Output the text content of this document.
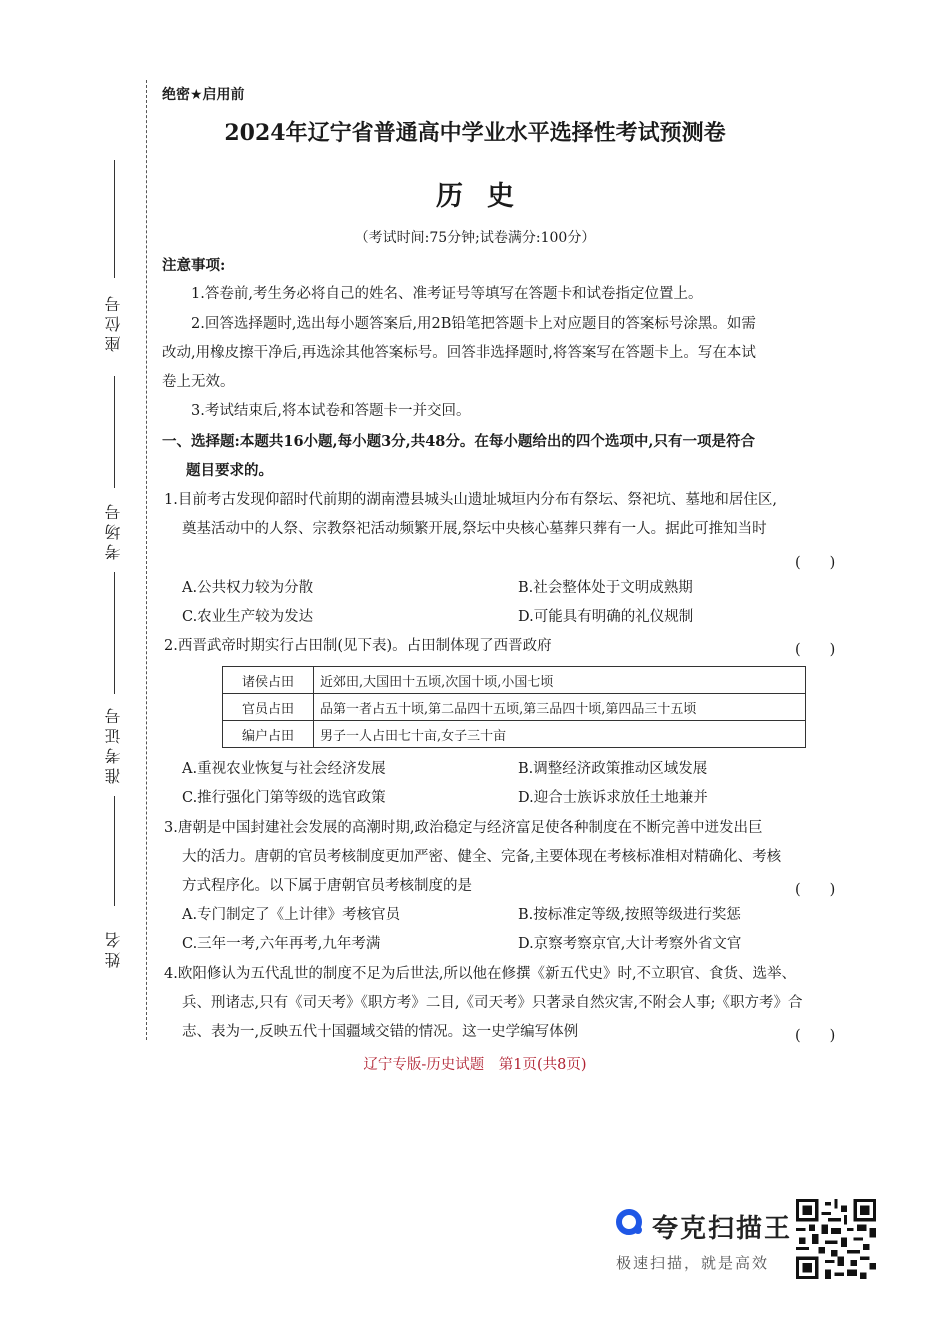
座位号
考场号
准考证号
姓名
绝密★启用前
2024年辽宁省普通高中学业水平选择性考试预测卷
历史
（考试时间:75分钟;试卷满分:100分）
注意事项:
1.答卷前,考生务必将自己的姓名、准考证号等填写在答题卡和试卷指定位置上。
2.回答选择题时,选出每小题答案后,用2B铅笔把答题卡上对应题目的答案标号涂黑。如需
改动,用橡皮擦干净后,再选涂其他答案标号。回答非选择题时,将答案写在答题卡上。写在本试
卷上无效。
3.考试结束后,将本试卷和答题卡一并交回。
一、选择题:本题共16小题,每小题3分,共48分。在每小题给出的四个选项中,只有一项是符合
题目要求的。
1.目前考古发现仰韶时代前期的湖南澧县城头山遗址城垣内分布有祭坛、祭祀坑、墓地和居住区,
奠基活动中的人祭、宗教祭祀活动频繁开展,祭坛中央核心墓葬只葬有一人。据此可推知当时
(　　)
A.公共权力较为分散	B.社会整体处于文明成熟期
C.农业生产较为发达	D.可能具有明确的礼仪规制
2.西晋武帝时期实行占田制(见下表)。占田制体现了西晋政府	(　　)
诸侯占田	近郊田,大国田十五顷,次国十顷,小国七顷
官员占田	品第一者占五十顷,第二品四十五顷,第三品四十顷,第四品三十五顷
编户占田	男子一人占田七十亩,女子三十亩
A.重视农业恢复与社会经济发展	B.调整经济政策推动区域发展
C.推行强化门第等级的选官政策	D.迎合士族诉求放任土地兼并
3.唐朝是中国封建社会发展的高潮时期,政治稳定与经济富足使各种制度在不断完善中迸发出巨
大的活力。唐朝的官员考核制度更加严密、健全、完备,主要体现在考核标准相对精确化、考核
方式程序化。以下属于唐朝官员考核制度的是	(　　)
A.专门制定了《上计律》考核官员	B.按标准定等级,按照等级进行奖惩
C.三年一考,六年再考,九年考满	D.京察考察京官,大计考察外省文官
4.欧阳修认为五代乱世的制度不足为后世法,所以他在修撰《新五代史》时,不立职官、食货、选举、
兵、刑诸志,只有《司天考》《职方考》二目,《司天考》只著录自然灾害,不附会人事;《职方考》合
志、表为一,反映五代十国疆域交错的情况。这一史学编写体例	(　　)
辽宁专版-历史试题　第1页(共8页)
夸克扫描王
极速扫描，就是高效
